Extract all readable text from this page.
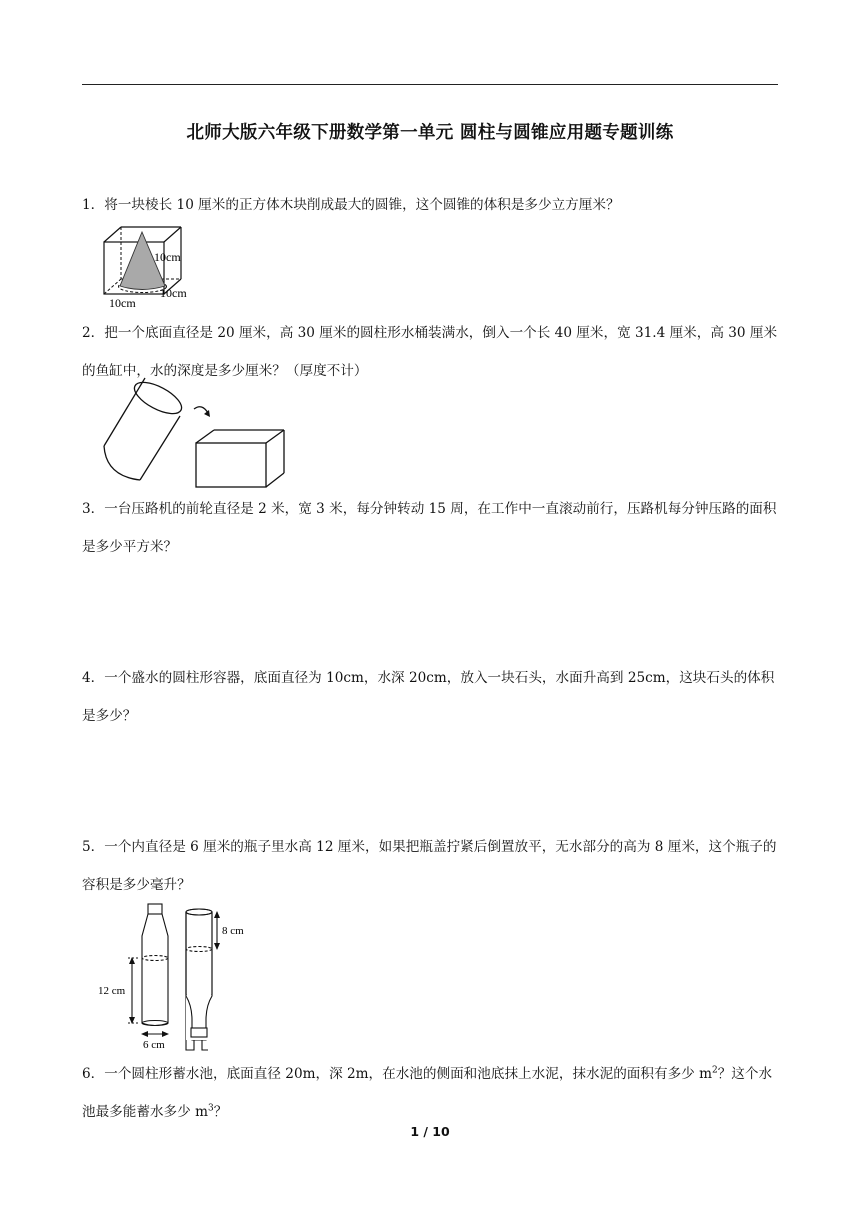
北师大版六年级下册数学第一单元 圆柱与圆锥应用题专题训练

1．将一块棱长 10 厘米的正方体木块削成最大的圆锥，这个圆锥的体积是多少立方厘米？

10cm
10cm
10cm

2．把一个底面直径是 20 厘米，高 30 厘米的圆柱形水桶装满水，倒入一个长 40 厘米，宽 31.4 厘米，高 30 厘米的鱼缸中，水的深度是多少厘米？（厚度不计）

3．一台压路机的前轮直径是 2 米，宽 3 米，每分钟转动 15 周，在工作中一直滚动前行，压路机每分钟压路的面积是多少平方米？

4．一个盛水的圆柱形容器，底面直径为 10cm，水深 20cm，放入一块石头，水面升高到 25cm，这块石头的体积是多少？

5．一个内直径是 6 厘米的瓶子里水高 12 厘米，如果把瓶盖拧紧后倒置放平，无水部分的高为 8 厘米，这个瓶子的容积是多少毫升？

12 cm
8 cm
6 cm

6．一个圆柱形蓄水池，底面直径 20m，深 2m，在水池的侧面和池底抹上水泥，抹水泥的面积有多少 $m^2$？这个水池最多能蓄水多少 $m^3$？

1 / 10
